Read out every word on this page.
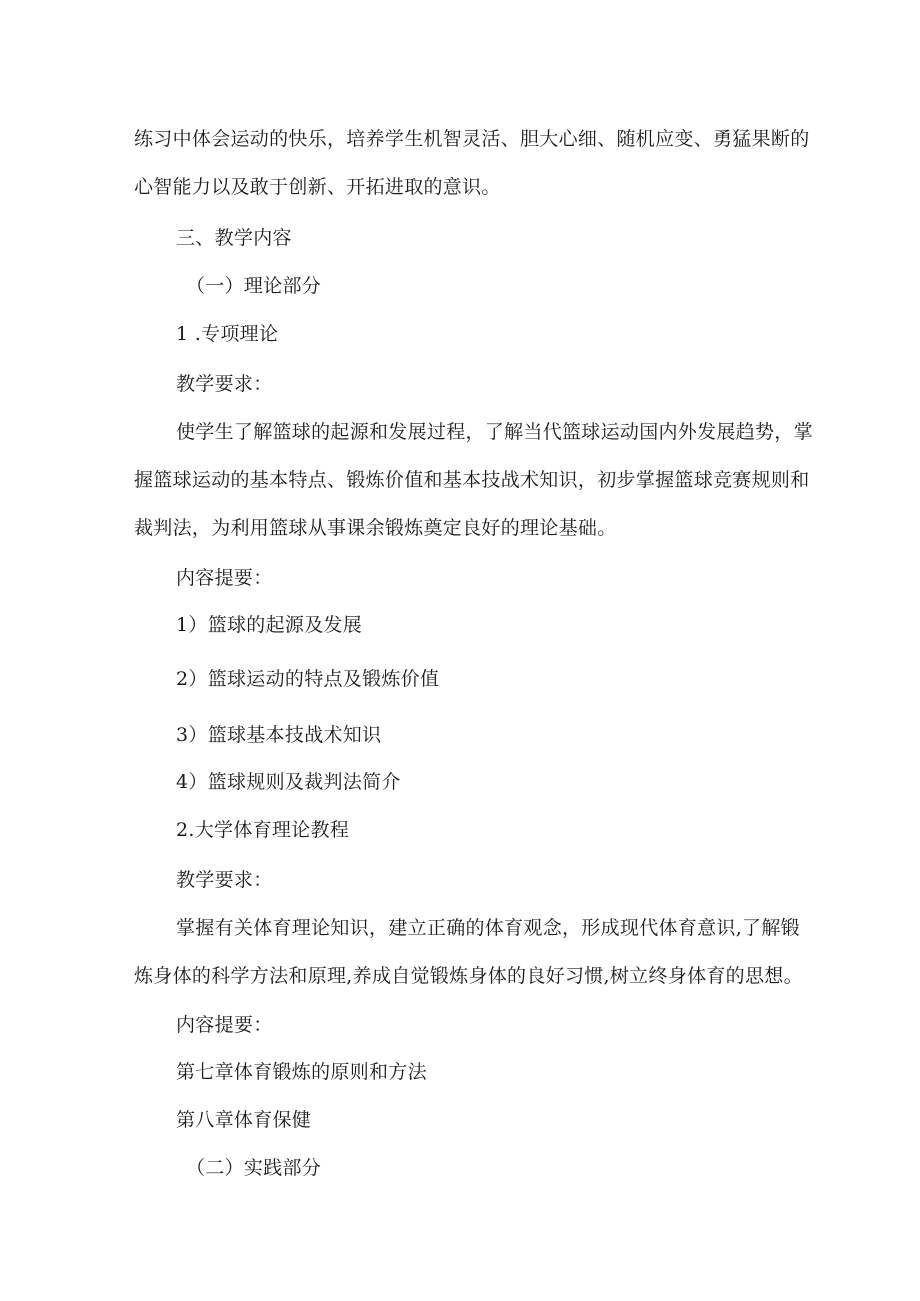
练习中体会运动的快乐，培养学生机智灵活、胆大心细、随机应变、勇猛果断的

心智能力以及敢于创新、开拓进取的意识。

三、教学内容

（一）理论部分

1 .专项理论

教学要求：

使学生了解篮球的起源和发展过程，了解当代篮球运动国内外发展趋势，掌

握篮球运动的基本特点、锻炼价值和基本技战术知识，初步掌握篮球竞赛规则和

裁判法，为利用篮球从事课余锻炼奠定良好的理论基础。

内容提要：

1）篮球的起源及发展

2）篮球运动的特点及锻炼价值

3）篮球基本技战术知识

4）篮球规则及裁判法简介

2.大学体育理论教程

教学要求：

掌握有关体育理论知识，建立正确的体育观念，形成现代体育意识,了解锻

炼身体的科学方法和原理,养成自觉锻炼身体的良好习惯,树立终身体育的思想。

内容提要：

第七章体育锻炼的原则和方法

第八章体育保健

（二）实践部分
